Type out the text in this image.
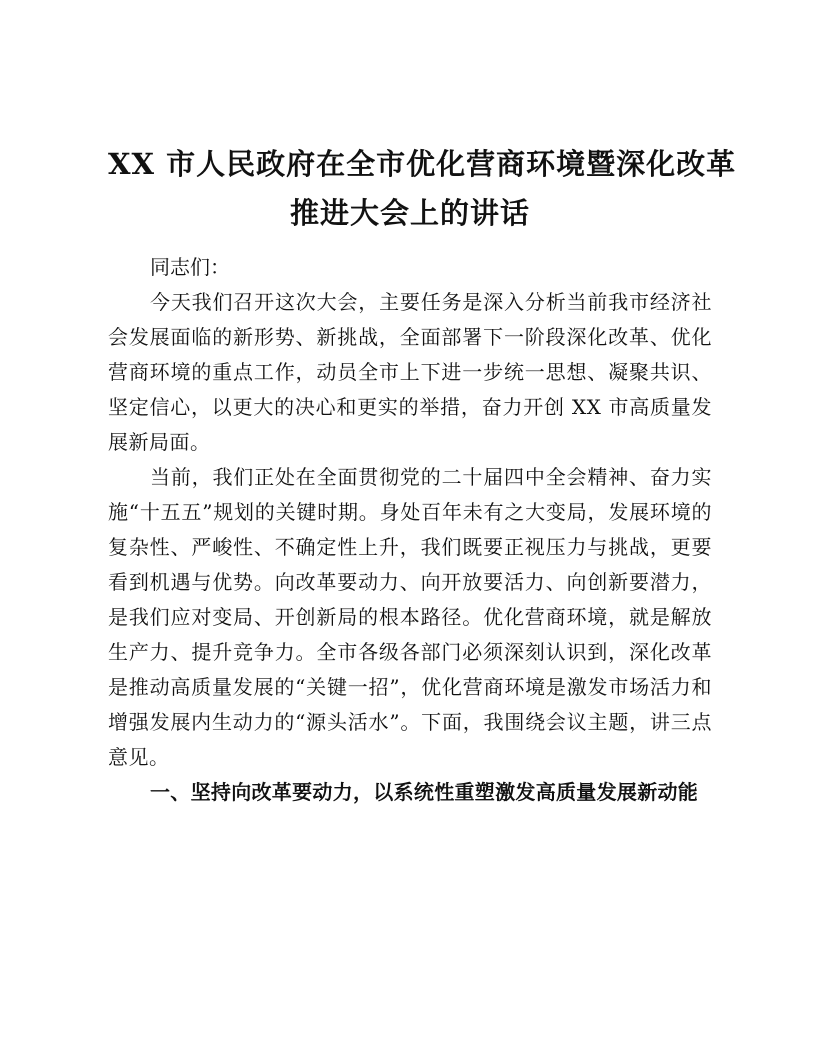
XX 市人民政府在全市优化营商环境暨深化改革
推进大会上的讲话

同志们：

今天我们召开这次大会，主要任务是深入分析当前我市经济社会发展面临的新形势、新挑战，全面部署下一阶段深化改革、优化营商环境的重点工作，动员全市上下进一步统一思想、凝聚共识、坚定信心，以更大的决心和更实的举措，奋力开创 XX 市高质量发展新局面。

当前，我们正处在全面贯彻党的二十届四中全会精神、奋力实施“十五五”规划的关键时期。身处百年未有之大变局，发展环境的复杂性、严峻性、不确定性上升，我们既要正视压力与挑战，更要看到机遇与优势。向改革要动力、向开放要活力、向创新要潜力，是我们应对变局、开创新局的根本路径。优化营商环境，就是解放生产力、提升竞争力。全市各级各部门必须深刻认识到，深化改革是推动高质量发展的“关键一招”，优化营商环境是激发市场活力和增强发展内生动力的“源头活水”。下面，我围绕会议主题，讲三点意见。

一、坚持向改革要动力，以系统性重塑激发高质量发展新动能
